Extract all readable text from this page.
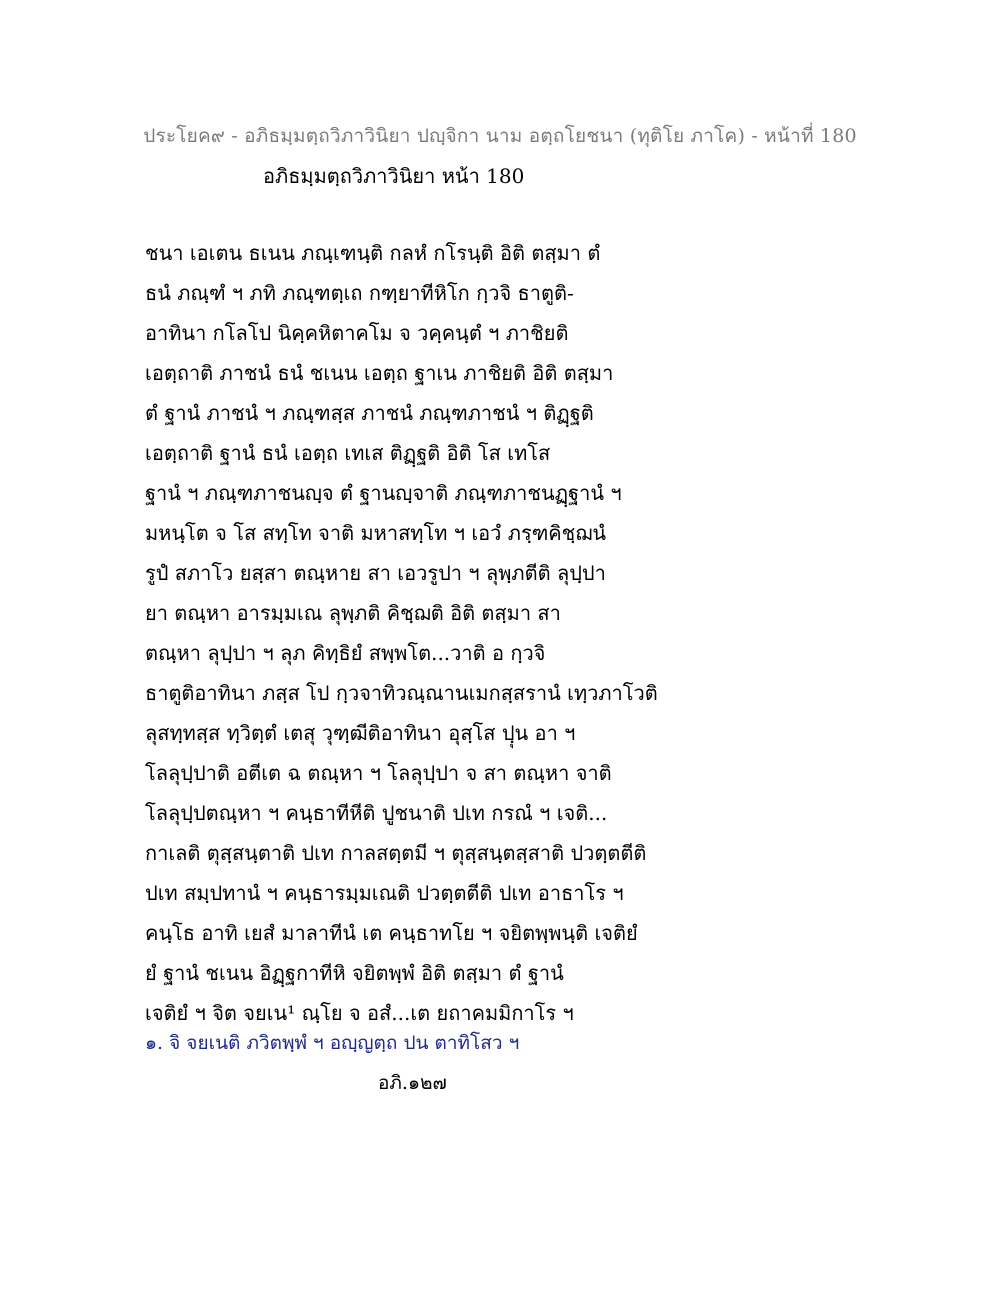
ประโยค๙ - อภิธมฺมตฺถวิภาวินิยา ปญฺจิกา นาม อตฺถโยชนา (ทุติโย ภาโค) - หน้าที่ 180
อภิธมฺมตฺถวิภาวินิยา หน้า 180
ชนา เอเตน ธเนน ภณฺเฑนฺติ กลหํ กโรนฺติ อิติ ตสฺมา ตํ
ธนํ ภณฺฑํ ฯ ภทิ ภณฺฑตฺเถ กฑฺยาทีหิโก กฺวจิ ธาตูติ-
อาทินา กโลโป นิคฺคหิตาคโม จ วคฺคนฺตํ ฯ ภาชิยติ
เอตฺถาติ ภาชนํ ธนํ ชเนน เอตฺถ ฐาเน ภาชิยติ อิติ ตสฺมา
ตํ ฐานํ ภาชนํ ฯ ภณฺฑสฺส ภาชนํ ภณฺฑภาชนํ ฯ ติฏฺฐติ
เอตฺถาติ ฐานํ ธนํ เอตฺถ เทเส ติฏฺฐติ อิติ โส เทโส
ฐานํ ฯ ภณฺฑภาชนญฺจ ตํ ฐานญฺจาติ ภณฺฑภาชนฏฺฐานํ ฯ
มหนฺโต จ โส สทฺโท จาติ มหาสทฺโท ฯ เอวํ ภรฺฑคิชฺฌนํ
รูปํ สภาโว ยสฺสา ตณฺหาย สา เอวรูปา ฯ ลุพฺภตีติ ลุปฺปา
ยา ตณฺหา อารมฺมเณ ลุพฺภติ คิชฺฌติ อิติ ตสฺมา สา
ตณฺหา ลุปฺปา ฯ ลุภ คิทฺธิยํ สพฺพโต...วาติ อ กฺวจิ
ธาตูติอาทินา ภสฺส โป กฺวจาทิวณฺณานเมกสฺสรานํ เทฺวภาโวติ
ลุสทฺทสฺส ทฺวิตฺตํ เตสุ วุฑฺฒีติอาทินา อุสฺโส ปฺุน อา ฯ
โลลุปฺปาติ อตีเต ฉ ตณฺหา ฯ โลลุปฺปา จ สา ตณฺหา จาติ
โลลุปฺปตณฺหา ฯ คนฺธาทีหีติ ปูชนาติ ปเท กรณํ ฯ เจติ...
กาเลติ ตุสฺสนฺตาติ ปเท กาลสตฺตมี ฯ ตุสฺสนฺตสฺสาติ ปวตฺตตีติ
ปเท สมฺปทานํ ฯ คนฺธารมฺมเณติ ปวตฺตตีติ ปเท อาธาโร ฯ
คนฺโธ อาทิ เยสํ มาลาทีนํ เต คนฺธาทโย ฯ จยิตพฺพนฺติ เจติยํ
ยํ ฐานํ ชเนน อิฏฺฐกาทีหิ จยิตพฺพํ อิติ ตสฺมา ตํ ฐานํ
เจติยํ ฯ จิต จยเน¹ ณฺโย จ อสํ...เต ยถาคมมิกาโร ฯ
๑. จิ จยเนติ ภวิตพฺพํ ฯ อญฺญตฺถ ปน ตาทิโสว ฯ
อภิ.๑๒๗
